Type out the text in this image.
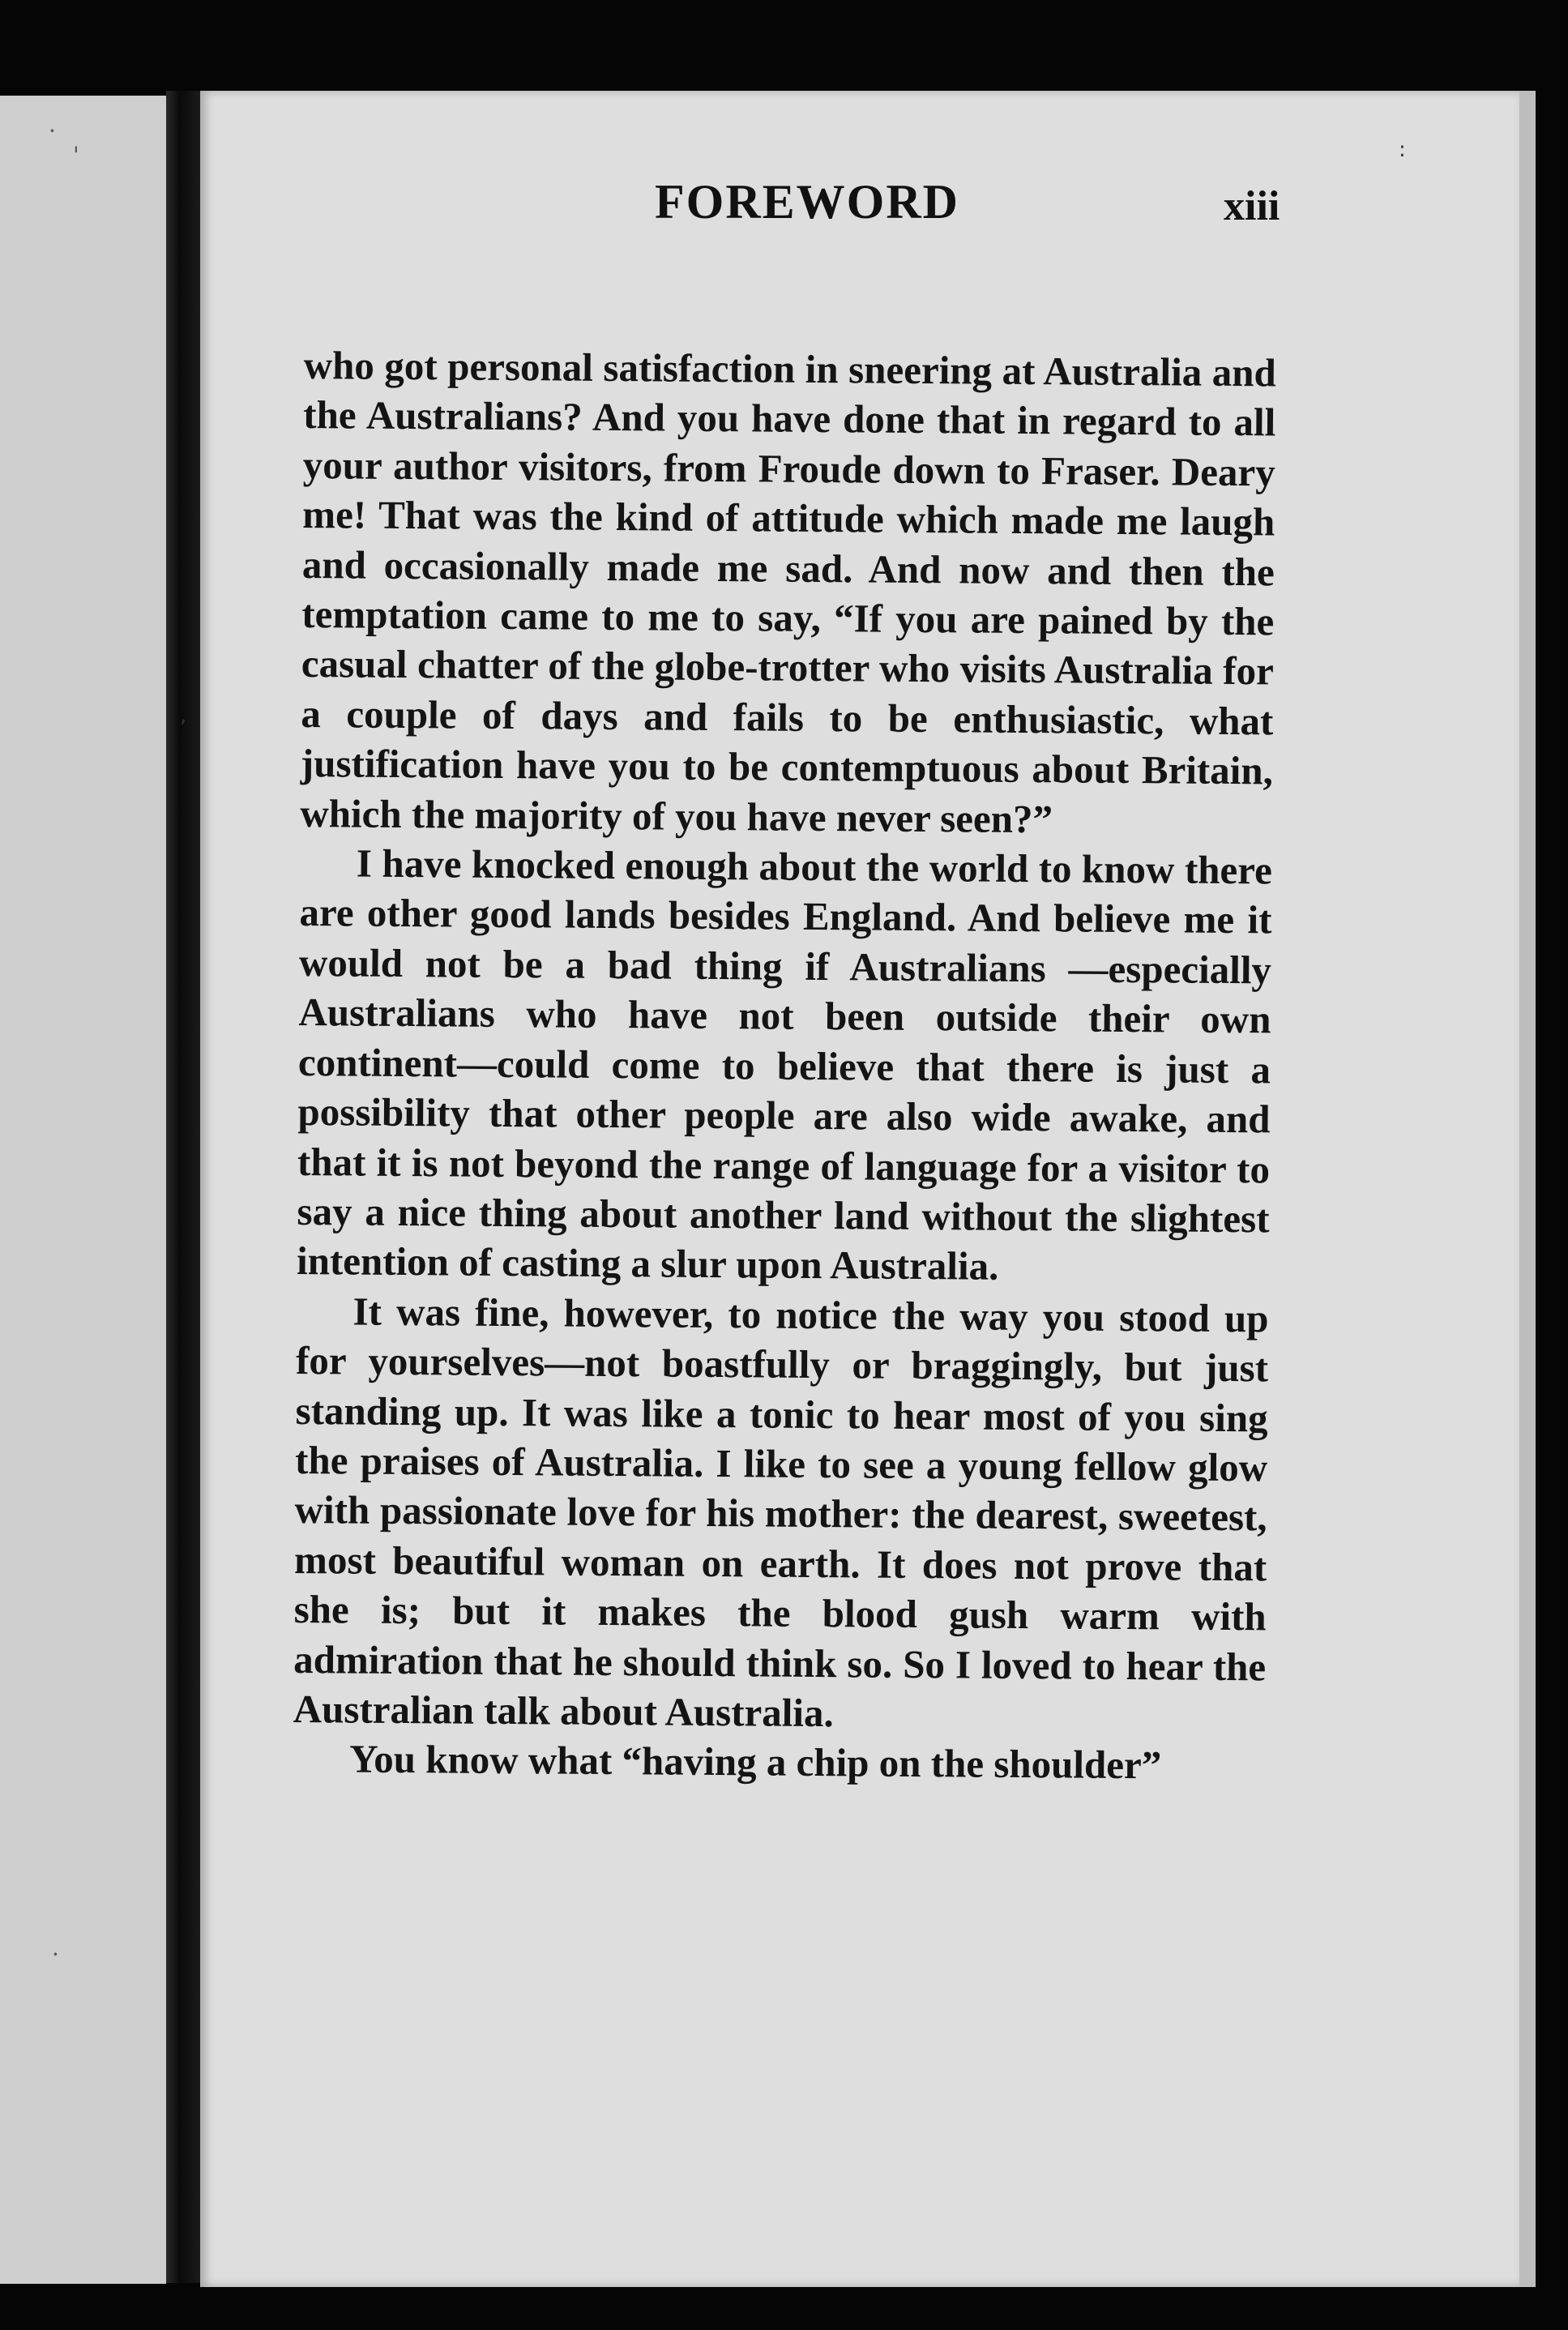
·
'
·
FOREWORD	xiii

who got personal satisfaction in sneering at Australia and the Australians? And you have done that in regard to all your author visitors, from Froude down to Fraser. Deary me! That was the kind of attitude which made me laugh and occasionally made me sad. And now and then the temptation came to me to say, “If you are pained by the casual chatter of the globe-trotter who visits Australia for a couple of days and fails to be enthusiastic, what justification have you to be contemptuous about Britain, which the majority of you have never seen?”

I have knocked enough about the world to know there are other good lands besides England. And believe me it would not be a bad thing if Australians —especially Australians who have not been outside their own continent—could come to believe that there is just a possibility that other people are also wide awake, and that it is not beyond the range of language for a visitor to say a nice thing about another land without the slightest intention of casting a slur upon Australia.

It was fine, however, to notice the way you stood up for yourselves—not boastfully or braggingly, but just standing up. It was like a tonic to hear most of you sing the praises of Australia. I like to see a young fellow glow with passionate love for his mother: the dearest, sweetest, most beautiful woman on earth. It does not prove that she is; but it makes the blood gush warm with admiration that he should think so. So I loved to hear the Australian talk about Australia.

You know what “having a chip on the shoulder”

:
,
